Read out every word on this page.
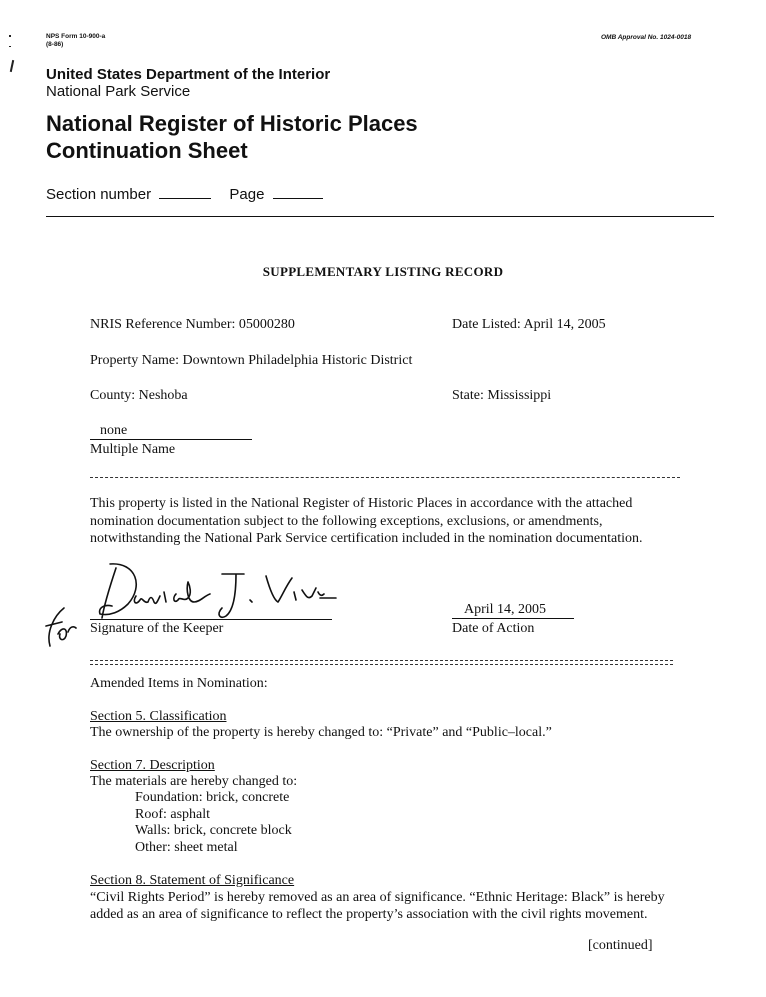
NPS Form 10-900-a
(8-86)
OMB Approval No. 1024-0018
United States Department of the Interior
National Park Service
National Register of Historic Places
Continuation Sheet
Section number	Page
SUPPLEMENTARY LISTING RECORD
NRIS Reference Number: 05000280	Date Listed: April 14, 2005
Property Name: Downtown Philadelphia Historic District
County: Neshoba	State: Mississippi
none
Multiple Name
This property is listed in the National Register of Historic Places in accordance with the attached nomination documentation subject to the following exceptions, exclusions, or amendments, notwithstanding the National Park Service certification included in the nomination documentation.
Signature of the Keeper
April 14, 2005
Date of Action
Amended Items in Nomination:
Section 5. Classification
The ownership of the property is hereby changed to: “Private” and “Public–local.”
Section 7. Description
The materials are hereby changed to:
Foundation: brick, concrete
Roof: asphalt
Walls: brick, concrete block
Other: sheet metal
Section 8. Statement of Significance
“Civil Rights Period” is hereby removed as an area of significance. “Ethnic Heritage: Black” is hereby added as an area of significance to reflect the property’s association with the civil rights movement.
[continued]
